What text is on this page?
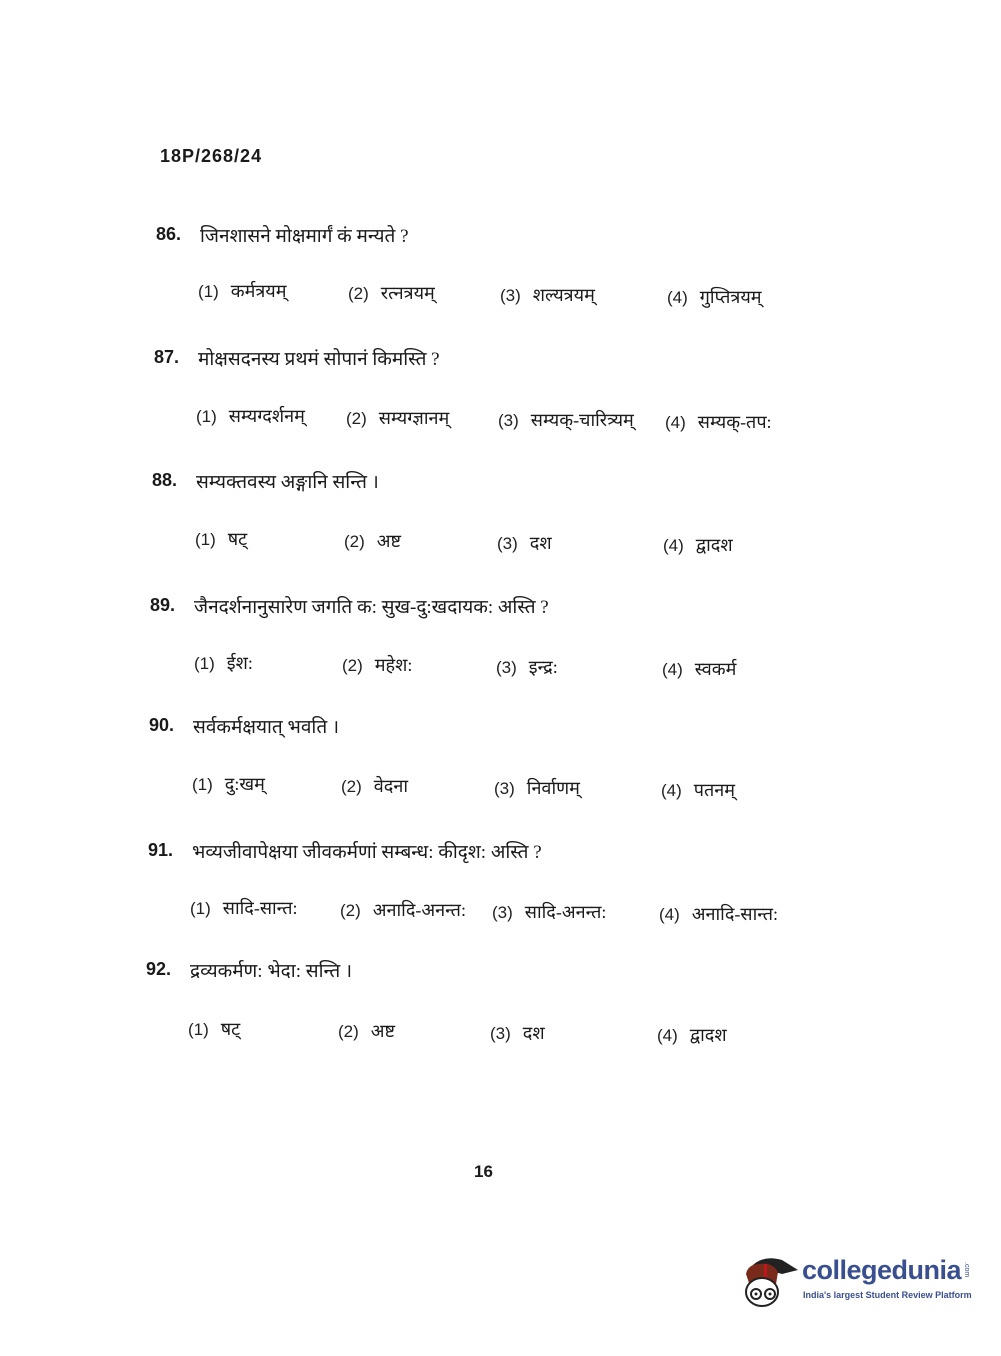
18P/268/24
86. जिनशासने मोक्षमार्गं कं मन्यते ?
(1) कर्मत्रयम्	(2) रत्नत्रयम्	(3) शल्यत्रयम्	(4) गुप्तित्रयम्
87. मोक्षसदनस्य प्रथमं सोपानं किमस्ति ?
(1) सम्यग्दर्शनम् (2) सम्यग्ज्ञानम्	(3) सम्यक्-चारित्र्यम् (4) सम्यक्-तप:
88. सम्यक्तवस्य अङ्गानि सन्ति ।
(1) षट्	(2) अष्ट	(3) दश	(4) द्वादश
89. जैनदर्शनानुसारेण जगति क: सुख-दु:खदायक: अस्ति ?
(1) ईश:	(2) महेश:	(3) इन्द्र:	(4) स्वकर्म
90. सर्वकर्मक्षयात् भवति ।
(1) दु:खम्	(2) वेदना	(3) निर्वाणम्	(4) पतनम्
91. भव्यजीवापेक्षया जीवकर्मणां सम्बन्ध: कीदृश: अस्ति ?
(1) सादि-सान्त:	(2) अनादि-अनन्त: (3) सादि-अनन्त:	(4) अनादि-सान्त:
92. द्रव्यकर्मण: भेदा: सन्ति ।
(1) षट्	(2) अष्ट	(3) दश	(4) द्वादश
16
collegedunia .com
India's largest Student Review Platform
